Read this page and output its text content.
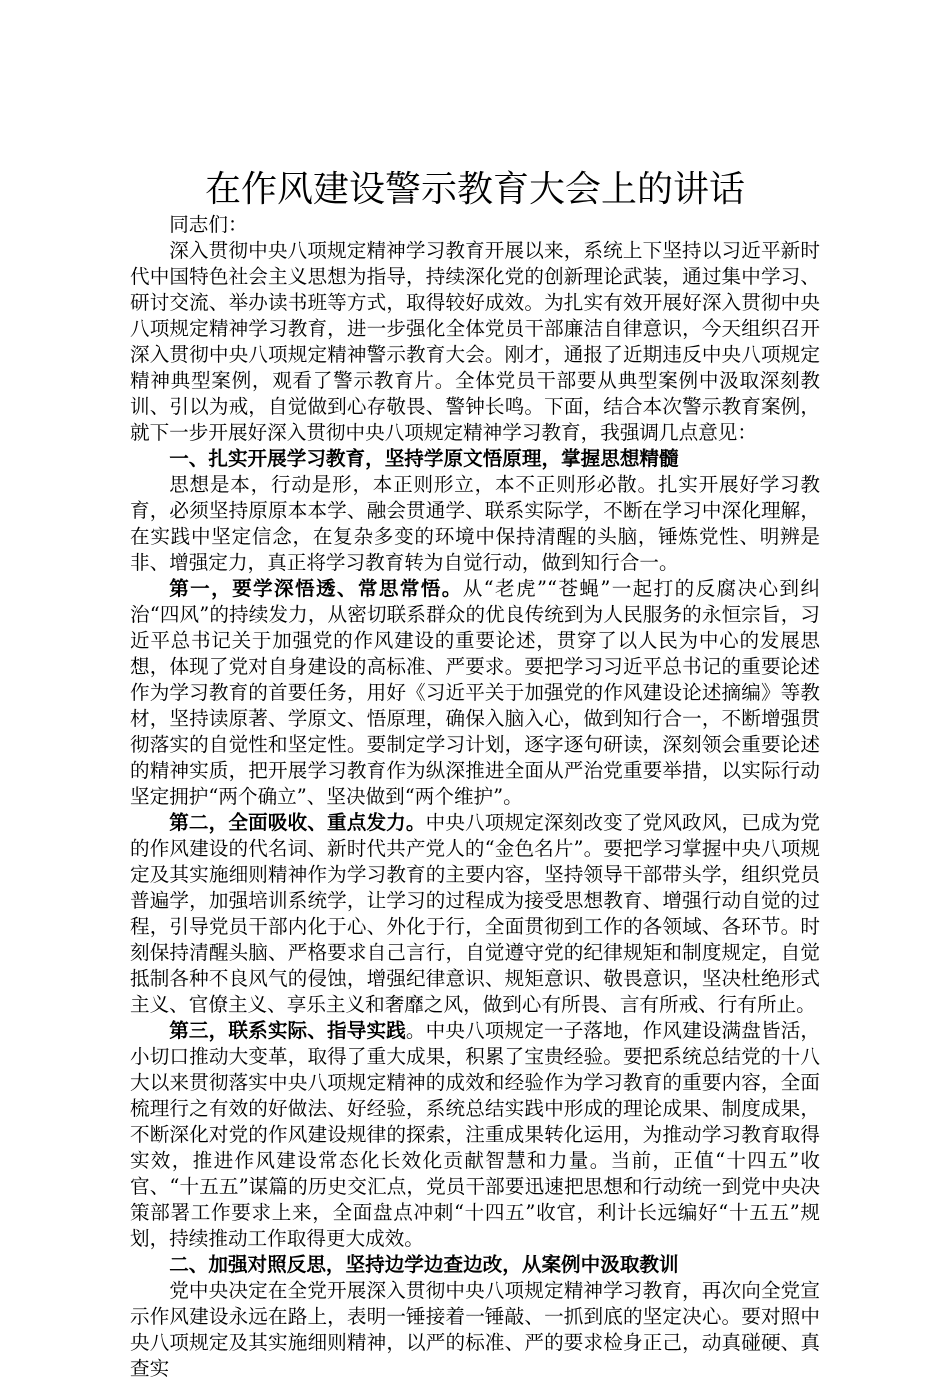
在作风建设警示教育大会上的讲话

同志们：

深入贯彻中央八项规定精神学习教育开展以来，系统上下坚持以习近平新时代中国特色社会主义思想为指导，持续深化党的创新理论武装，通过集中学习、研讨交流、举办读书班等方式，取得较好成效。为扎实有效开展好深入贯彻中央八项规定精神学习教育，进一步强化全体党员干部廉洁自律意识，今天组织召开深入贯彻中央八项规定精神警示教育大会。刚才，通报了近期违反中央八项规定精神典型案例，观看了警示教育片。全体党员干部要从典型案例中汲取深刻教训、引以为戒，自觉做到心存敬畏、警钟长鸣。下面，结合本次警示教育案例，就下一步开展好深入贯彻中央八项规定精神学习教育，我强调几点意见：

一、扎实开展学习教育，坚持学原文悟原理，掌握思想精髓

思想是本，行动是形，本正则形立，本不正则形必散。扎实开展好学习教育，必须坚持原原本本学、融会贯通学、联系实际学，不断在学习中深化理解，在实践中坚定信念，在复杂多变的环境中保持清醒的头脑，锤炼党性、明辨是非、增强定力，真正将学习教育转为自觉行动，做到知行合一。

第一，要学深悟透、常思常悟。从“老虎”“苍蝇”一起打的反腐决心到纠治“四风”的持续发力，从密切联系群众的优良传统到为人民服务的永恒宗旨，习近平总书记关于加强党的作风建设的重要论述，贯穿了以人民为中心的发展思想，体现了党对自身建设的高标准、严要求。要把学习习近平总书记的重要论述作为学习教育的首要任务，用好《习近平关于加强党的作风建设论述摘编》等教材，坚持读原著、学原文、悟原理，确保入脑入心，做到知行合一，不断增强贯彻落实的自觉性和坚定性。要制定学习计划，逐字逐句研读，深刻领会重要论述的精神实质，把开展学习教育作为纵深推进全面从严治党重要举措，以实际行动坚定拥护“两个确立”、坚决做到“两个维护”。

第二，全面吸收、重点发力。中央八项规定深刻改变了党风政风，已成为党的作风建设的代名词、新时代共产党人的“金色名片”。要把学习掌握中央八项规定及其实施细则精神作为学习教育的主要内容，坚持领导干部带头学，组织党员普遍学，加强培训系统学，让学习的过程成为接受思想教育、增强行动自觉的过程，引导党员干部内化于心、外化于行，全面贯彻到工作的各领域、各环节。时刻保持清醒头脑、严格要求自己言行，自觉遵守党的纪律规矩和制度规定，自觉抵制各种不良风气的侵蚀，增强纪律意识、规矩意识、敬畏意识，坚决杜绝形式主义、官僚主义、享乐主义和奢靡之风，做到心有所畏、言有所戒、行有所止。

第三，联系实际、指导实践。中央八项规定一子落地，作风建设满盘皆活，小切口推动大变革，取得了重大成果，积累了宝贵经验。要把系统总结党的十八大以来贯彻落实中央八项规定精神的成效和经验作为学习教育的重要内容，全面梳理行之有效的好做法、好经验，系统总结实践中形成的理论成果、制度成果，不断深化对党的作风建设规律的探索，注重成果转化运用，为推动学习教育取得实效，推进作风建设常态化长效化贡献智慧和力量。当前，正值“十四五”收官、“十五五”谋篇的历史交汇点，党员干部要迅速把思想和行动统一到党中央决策部署工作要求上来，全面盘点冲刺“十四五”收官，利计长远编好“十五五”规划，持续推动工作取得更大成效。

二、加强对照反思，坚持边学边查边改，从案例中汲取教训

党中央决定在全党开展深入贯彻中央八项规定精神学习教育，再次向全党宣示作风建设永远在路上，表明一锤接着一锤敲、一抓到底的坚定决心。要对照中央八项规定及其实施细则精神，以严的标准、严的要求检身正己，动真碰硬、真查实
